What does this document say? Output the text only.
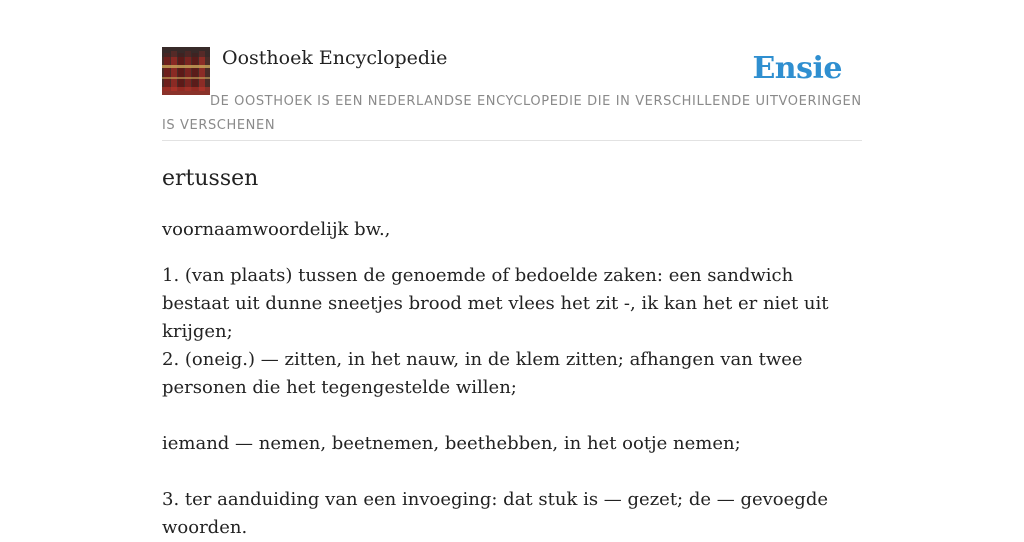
Oosthoek Encyclopedie	Ensie
DE OOSTHOEK IS EEN NEDERLANDSE ENCYCLOPEDIE DIE IN VERSCHILLENDE UITVOERINGEN IS VERSCHENEN
ertussen

voornaamwoordelijk bw.,

1. (van plaats) tussen de genoemde of bedoelde zaken: een sandwich bestaat uit dunne sneetjes brood met vlees het zit -, ik kan het er niet uit krijgen;
2. (oneig.) — zitten, in het nauw, in de klem zitten; afhangen van twee personen die het tegengestelde willen;
iemand — nemen, beetnemen, beethebben, in het ootje nemen;
3. ter aanduiding van een invoeging: dat stuk is — gezet; de — gevoegde woorden.
